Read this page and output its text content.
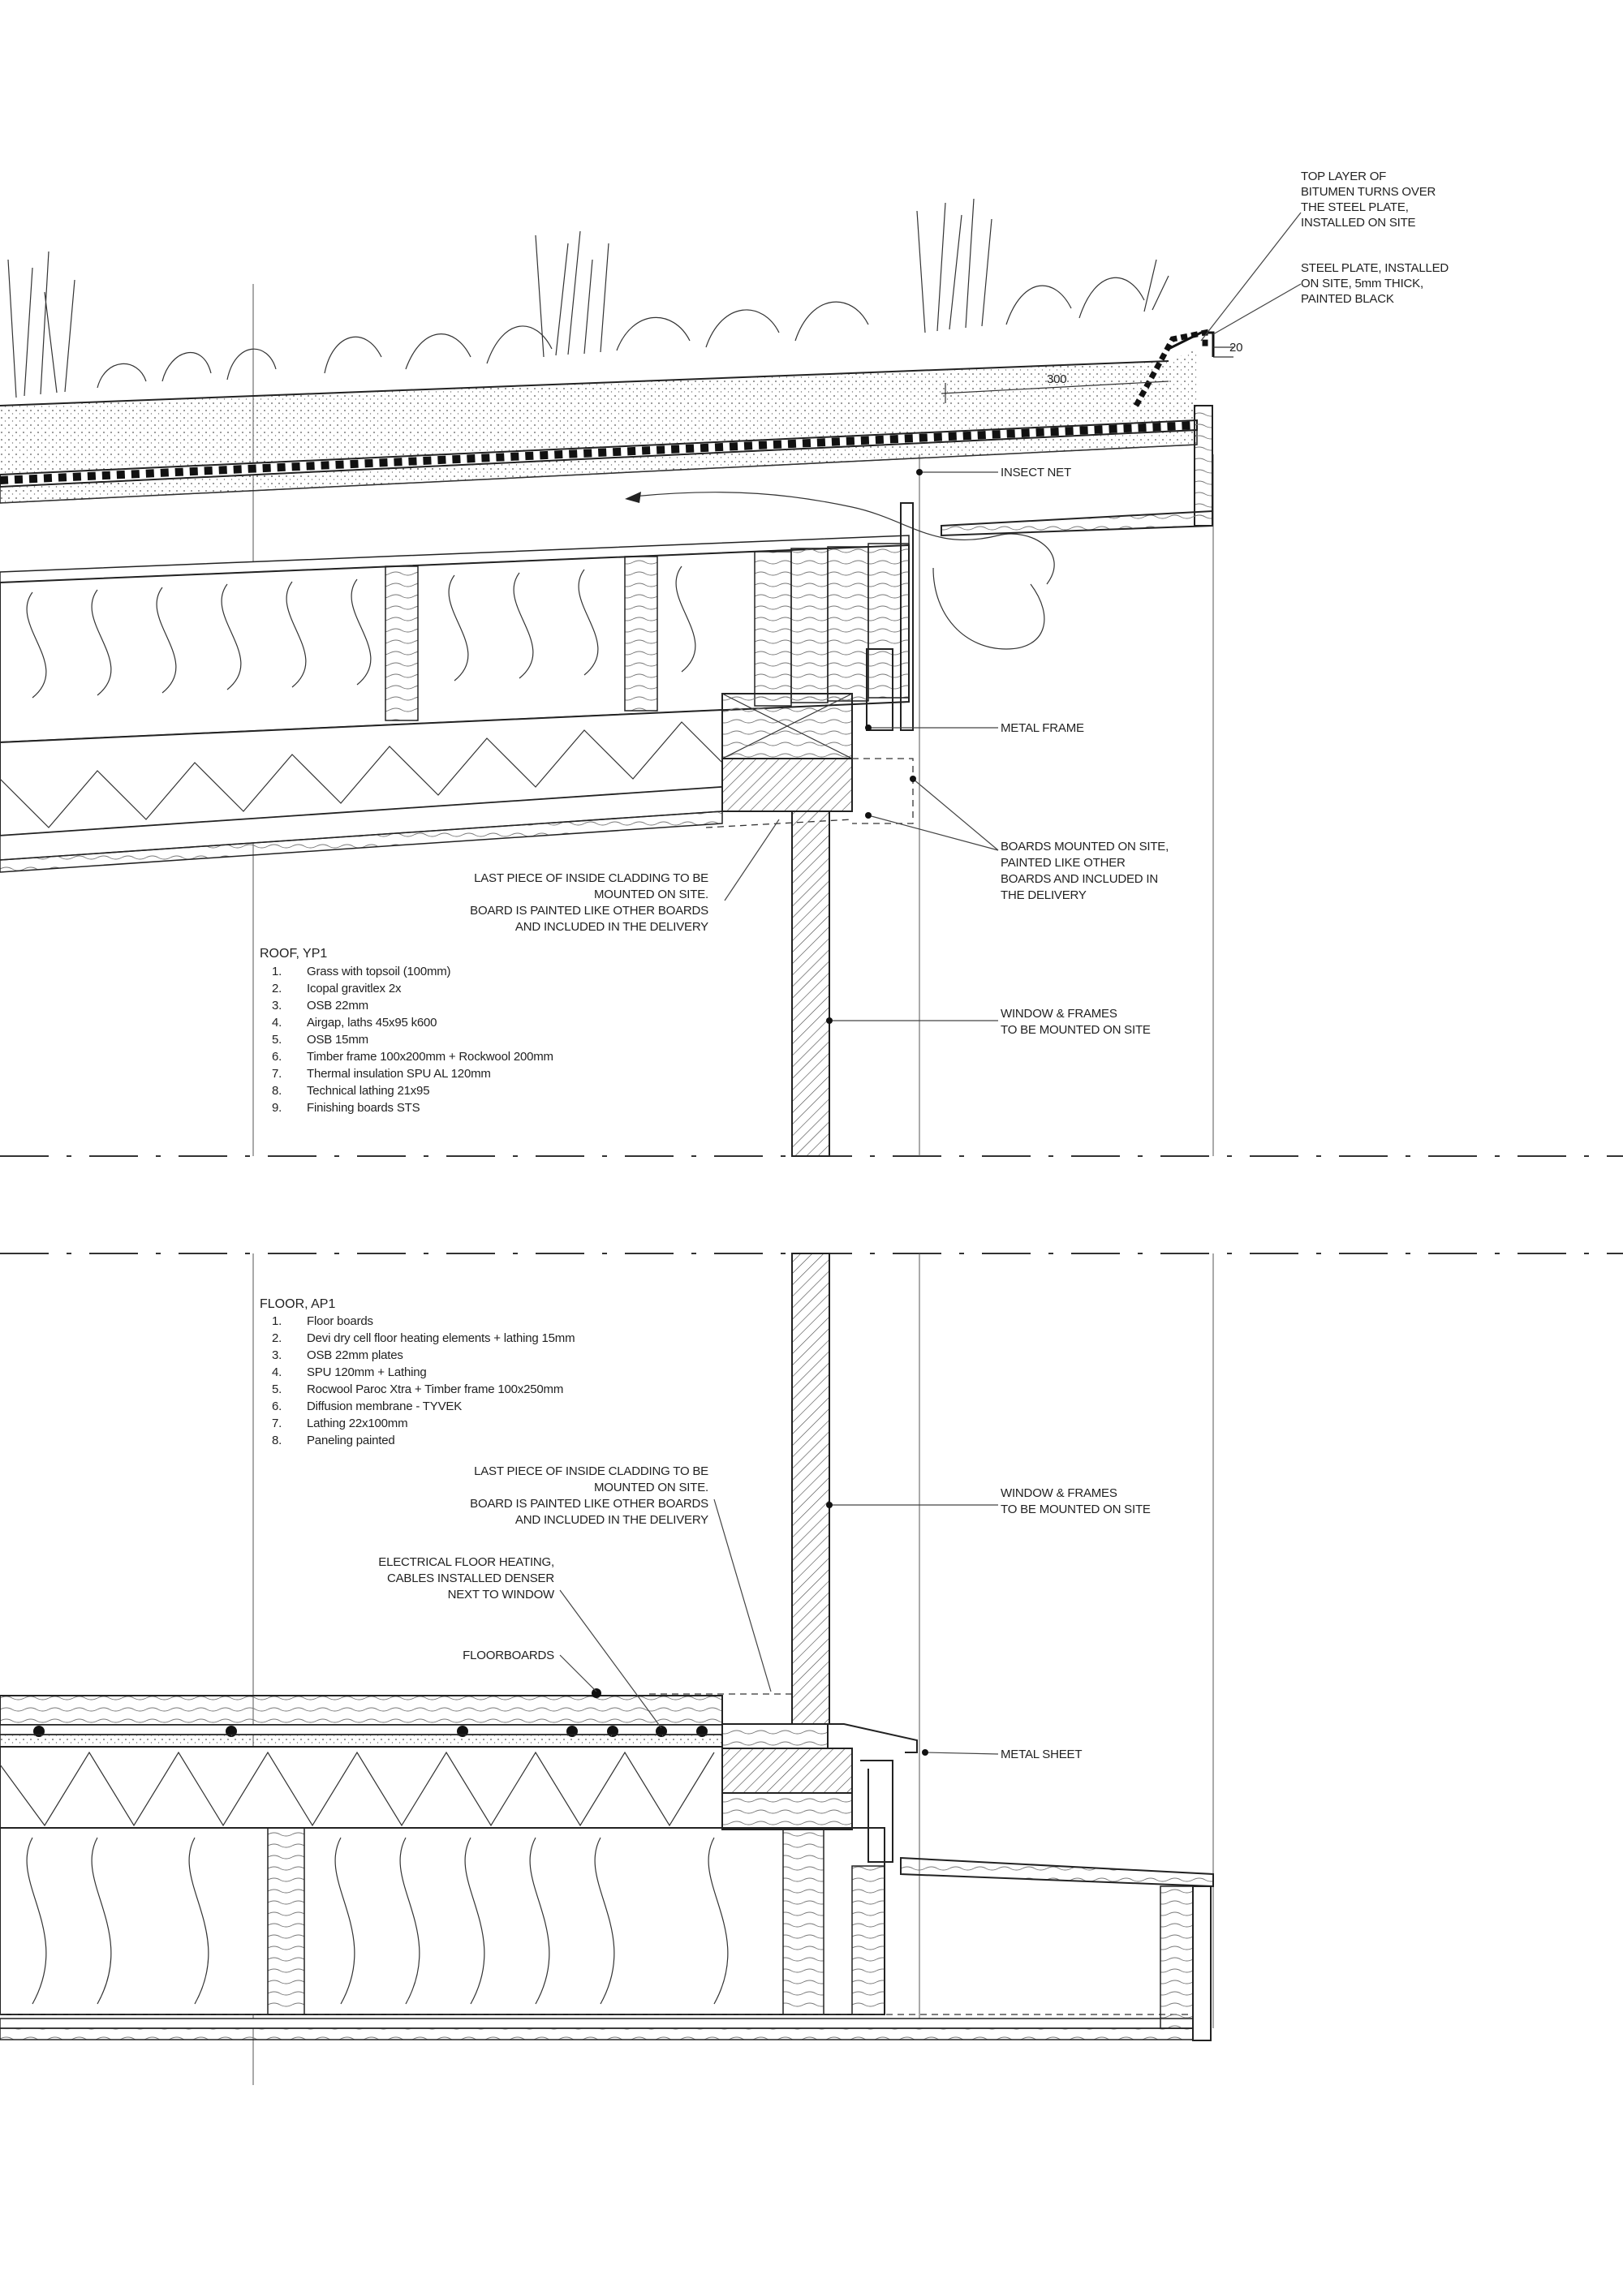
TOP LAYER OF
BITUMEN TURNS OVER
THE STEEL PLATE,
INSTALLED ON SITE
STEEL PLATE, INSTALLED
ON SITE, 5mm THICK,
PAINTED BLACK
20
300
INSECT NET
METAL FRAME
BOARDS MOUNTED ON SITE,
PAINTED LIKE OTHER
BOARDS AND INCLUDED IN
THE DELIVERY
LAST PIECE OF INSIDE CLADDING TO BE
MOUNTED ON SITE.
BOARD IS PAINTED LIKE OTHER BOARDS
AND INCLUDED IN THE DELIVERY
WINDOW & FRAMES
TO BE MOUNTED ON SITE
ROOF, YP1
1. Grass with topsoil (100mm)
2. Icopal gravitlex 2x
3. OSB 22mm
4. Airgap, laths 45x95 k600
5. OSB 15mm
6. Timber frame 100x200mm + Rockwool 200mm
7. Thermal insulation SPU AL 120mm
8. Technical lathing 21x95
9. Finishing boards STS
FLOOR, AP1
1. Floor boards
2. Devi dry cell floor heating elements + lathing 15mm
3. OSB 22mm plates
4. SPU 120mm + Lathing
5. Rocwool Paroc Xtra + Timber frame 100x250mm
6. Diffusion membrane - TYVEK
7. Lathing 22x100mm
8. Paneling painted
LAST PIECE OF INSIDE CLADDING TO BE
MOUNTED ON SITE.
BOARD IS PAINTED LIKE OTHER BOARDS
AND INCLUDED IN THE DELIVERY
WINDOW & FRAMES
TO BE MOUNTED ON SITE
ELECTRICAL FLOOR HEATING,
CABLES INSTALLED DENSER
NEXT TO WINDOW
FLOORBOARDS
METAL SHEET
